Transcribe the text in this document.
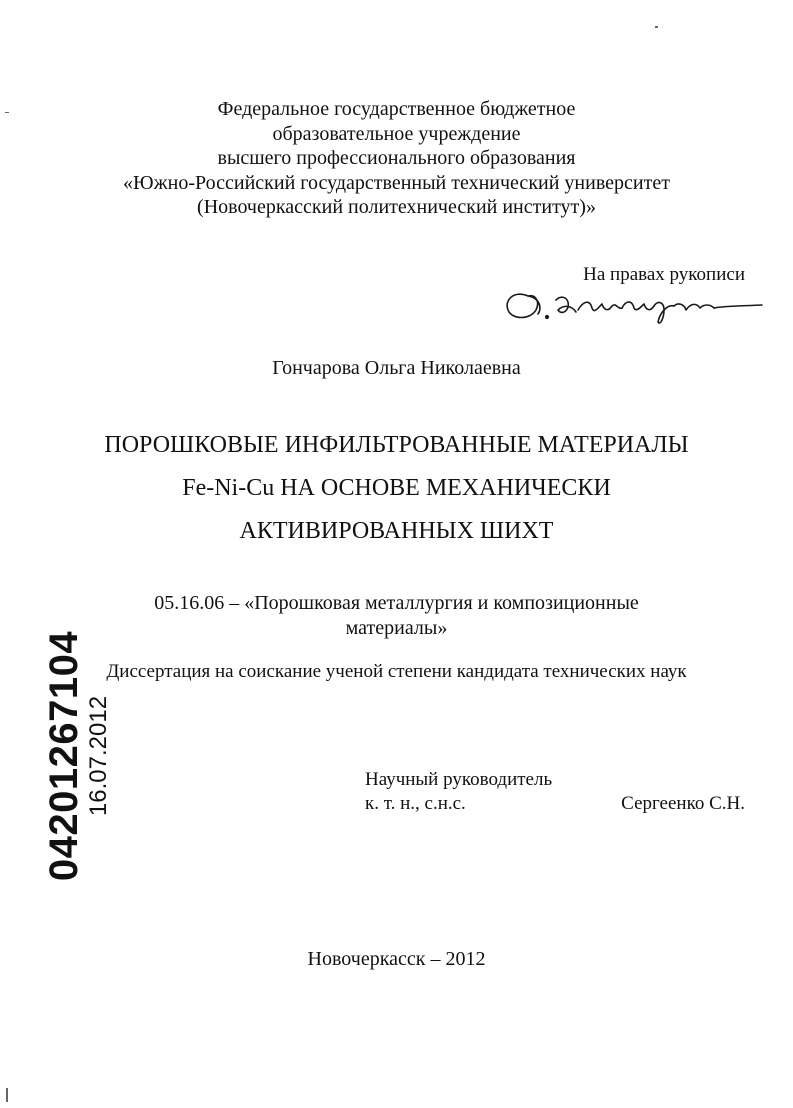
Федеральное государственное бюджетное
образовательное учреждение
высшего профессионального образования
«Южно-Российский государственный технический университет
(Новочеркасский политехнический институт)»
На правах рукописи
Гончарова Ольга Николаевна
ПОРОШКОВЫЕ ИНФИЛЬТРОВАННЫЕ МАТЕРИАЛЫ
Fe-Ni-Cu НА ОСНОВЕ МЕХАНИЧЕСКИ
АКТИВИРОВАННЫХ ШИХТ
05.16.06 – «Порошковая металлургия и композиционные
материалы»
Диссертация на соискание ученой степени кандидата технических наук
Научный руководитель
к. т. н., с.н.с.	Сергеенко С.Н.
Новочеркасск – 2012
04201267104 16.07.2012
